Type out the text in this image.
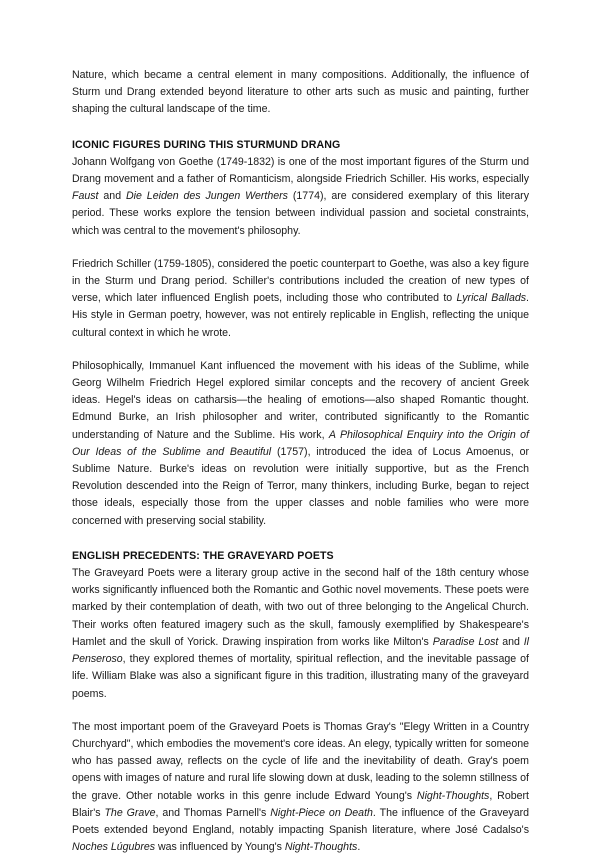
Nature, which became a central element in many compositions. Additionally, the influence of Sturm und Drang extended beyond literature to other arts such as music and painting, further shaping the cultural landscape of the time.

ICONIC FIGURES DURING THIS STURMUND DRANG

Johann Wolfgang von Goethe (1749-1832) is one of the most important figures of the Sturm und Drang movement and a father of Romanticism, alongside Friedrich Schiller. His works, especially Faust and Die Leiden des Jungen Werthers (1774), are considered exemplary of this literary period. These works explore the tension between individual passion and societal constraints, which was central to the movement's philosophy.

Friedrich Schiller (1759-1805), considered the poetic counterpart to Goethe, was also a key figure in the Sturm und Drang period. Schiller's contributions included the creation of new types of verse, which later influenced English poets, including those who contributed to Lyrical Ballads. His style in German poetry, however, was not entirely replicable in English, reflecting the unique cultural context in which he wrote.

Philosophically, Immanuel Kant influenced the movement with his ideas of the Sublime, while Georg Wilhelm Friedrich Hegel explored similar concepts and the recovery of ancient Greek ideas. Hegel's ideas on catharsis—the healing of emotions—also shaped Romantic thought. Edmund Burke, an Irish philosopher and writer, contributed significantly to the Romantic understanding of Nature and the Sublime. His work, A Philosophical Enquiry into the Origin of Our Ideas of the Sublime and Beautiful (1757), introduced the idea of Locus Amoenus, or Sublime Nature. Burke's ideas on revolution were initially supportive, but as the French Revolution descended into the Reign of Terror, many thinkers, including Burke, began to reject those ideals, especially those from the upper classes and noble families who were more concerned with preserving social stability.

ENGLISH PRECEDENTS: THE GRAVEYARD POETS

The Graveyard Poets were a literary group active in the second half of the 18th century whose works significantly influenced both the Romantic and Gothic novel movements. These poets were marked by their contemplation of death, with two out of three belonging to the Angelical Church. Their works often featured imagery such as the skull, famously exemplified by Shakespeare's Hamlet and the skull of Yorick. Drawing inspiration from works like Milton's Paradise Lost and Il Penseroso, they explored themes of mortality, spiritual reflection, and the inevitable passage of life. William Blake was also a significant figure in this tradition, illustrating many of the graveyard poems.

The most important poem of the Graveyard Poets is Thomas Gray's "Elegy Written in a Country Churchyard", which embodies the movement's core ideas. An elegy, typically written for someone who has passed away, reflects on the cycle of life and the inevitability of death. Gray's poem opens with images of nature and rural life slowing down at dusk, leading to the solemn stillness of the grave. Other notable works in this genre include Edward Young's Night-Thoughts, Robert Blair's The Grave, and Thomas Parnell's Night-Piece on Death. The influence of the Graveyard Poets extended beyond England, notably impacting Spanish literature, where José Cadalso's Noches Lúgubres was influenced by Young's Night-Thoughts.
